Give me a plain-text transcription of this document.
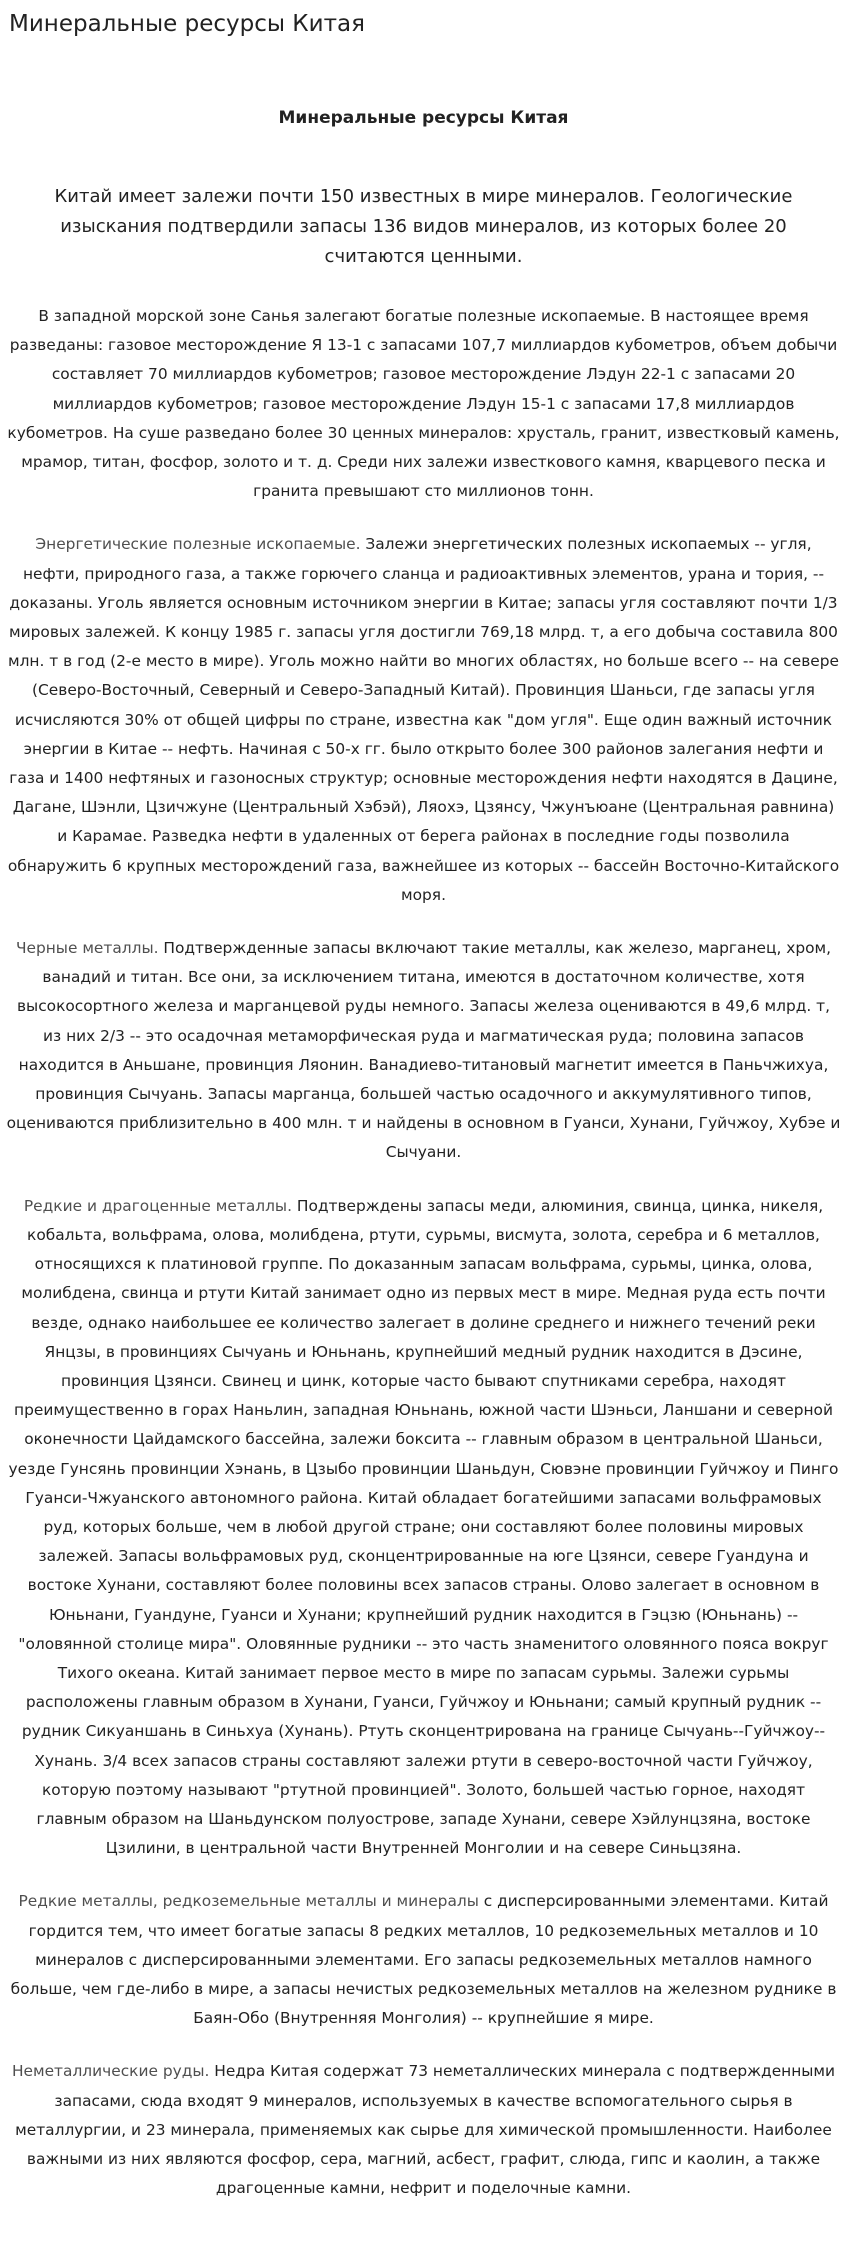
Минеральные ресурсы Китая
Минеральные ресурсы Китая

Китай имеет залежи почти 150 известных в мире минералов. Геологические изыскания подтвердили запасы 136 видов минералов, из которых более 20 считаются ценными.

В западной морской зоне Санья залегают богатые полезные ископаемые. В настоящее время разведаны: газовое месторождение Я 13-1 с запасами 107,7 миллиардов кубометров, объем добычи составляет 70 миллиардов кубометров; газовое месторождение Лэдун 22-1 с запасами 20 миллиардов кубометров; газовое месторождение Лэдун 15-1 с запасами 17,8 миллиардов кубометров. На суше разведано более 30 ценных минералов: хрусталь, гранит, известковый камень, мрамор, титан, фосфор, золото и т. д. Среди них залежи известкового камня, кварцевого песка и гранита превышают сто миллионов тонн.

Энергетические полезные ископаемые. Залежи энергетических полезных ископаемых -- угля, нефти, природного газа, а также горючего сланца и радиоактивных элементов, урана и тория, -- доказаны. Уголь является основным источником энергии в Китае; запасы угля составляют почти 1/3 мировых залежей. К концу 1985 г. запасы угля достигли 769,18 млрд. т, а его добыча составила 800 млн. т в год (2-е место в мире). Уголь можно найти во многих областях, но больше всего -- на севере (Северо-Восточный, Северный и Северо-Западный Китай). Провинция Шаньси, где запасы угля исчисляются 30% от общей цифры по стране, известна как "дом угля". Еще один важный источник энергии в Китае -- нефть. Начиная с 50-х гг. было открыто более 300 районов залегания нефти и газа и 1400 нефтяных и газоносных структур; основные месторождения нефти находятся в Дацине, Дагане, Шэнли, Цзичжуне (Центральный Хэбэй), Ляохэ, Цзянсу, Чжунъюане (Центральная равнина) и Карамае. Разведка нефти в удаленных от берега районах в последние годы позволила обнаружить 6 крупных месторождений газа, важнейшее из которых -- бассейн Восточно-Китайского моря.

Черные металлы. Подтвержденные запасы включают такие металлы, как железо, марганец, хром, ванадий и титан. Все они, за исключением титана, имеются в достаточном количестве, хотя высокосортного железа и марганцевой руды немного. Запасы железа оцениваются в 49,6 млрд. т, из них 2/3 -- это осадочная метаморфическая руда и магматическая руда; половина запасов находится в Аньшане, провинция Ляонин. Ванадиево-титановый магнетит имеется в Паньчжихуа, провинция Сычуань. Запасы марганца, большей частью осадочного и аккумулятивного типов, оцениваются приблизительно в 400 млн. т и найдены в основном в Гуанси, Хунани, Гуйчжоу, Хубэе и Сычуани.

Редкие и драгоценные металлы. Подтверждены запасы меди, алюминия, свинца, цинка, никеля, кобальта, вольфрама, олова, молибдена, ртути, сурьмы, висмута, золота, серебра и 6 металлов, относящихся к платиновой группе. По доказанным запасам вольфрама, сурьмы, цинка, олова, молибдена, свинца и ртути Китай занимает одно из первых мест в мире. Медная руда есть почти везде, однако наибольшее ее количество залегает в долине среднего и нижнего течений реки Янцзы, в провинциях Сычуань и Юньнань, крупнейший медный рудник находится в Дэсине, провинция Цзянси. Свинец и цинк, которые часто бывают спутниками серебра, находят преимущественно в горах Наньлин, западная Юньнань, южной части Шэньси, Ланшани и северной оконечности Цайдамского бассейна, залежи боксита -- главным образом в центральной Шаньси, уезде Гунсянь провинции Хэнань, в Цзыбо провинции Шаньдун, Сювэне провинции Гуйчжоу и Пинго Гуанси-Чжуанского автономного района. Китай обладает богатейшими запасами вольфрамовых руд, которых больше, чем в любой другой стране; они составляют более половины мировых залежей. Запасы вольфрамовых руд, сконцентрированные на юге Цзянси, севере Гуандуна и востоке Хунани, составляют более половины всех запасов страны. Олово залегает в основном в Юньнани, Гуандуне, Гуанси и Хунани; крупнейший рудник находится в Гэцзю (Юньнань) -- "оловянной столице мира". Оловянные рудники -- это часть знаменитого оловянного пояса вокруг Тихого океана. Китай занимает первое место в мире по запасам сурьмы. Залежи сурьмы расположены главным образом в Хунани, Гуанси, Гуйчжоу и Юньнани; самый крупный рудник -- рудник Сикуаншань в Синьхуа (Хунань). Ртуть сконцентрирована на границе Сычуань--Гуйчжоу--Хунань. 3/4 всех запасов страны составляют залежи ртути в северо-восточной части Гуйчжоу, которую поэтому называют "ртутной провинцией". Золото, большей частью горное, находят главным образом на Шаньдунском полуострове, западе Хунани, севере Хэйлунцзяна, востоке Цзилини, в центральной части Внутренней Монголии и на севере Синьцзяна.

Редкие металлы, редкоземельные металлы и минералы с дисперсированными элементами. Китай гордится тем, что имеет богатые запасы 8 редких металлов, 10 редкоземельных металлов и 10 минералов с дисперсированными элементами. Его запасы редкоземельных металлов намного больше, чем где-либо в мире, а запасы нечистых редкоземельных металлов на железном руднике в Баян-Обо (Внутренняя Монголия) -- крупнейшие я мире.

Неметаллические руды. Недра Китая содержат 73 неметаллических минерала с подтвержденными запасами, сюда входят 9 минералов, используемых в качестве вспомогательного сырья в металлургии, и 23 минерала, применяемых как сырье для химической промышленности. Наиболее важными из них являются фосфор, сера, магний, асбест, графит, слюда, гипс и каолин, а также драгоценные камни, нефрит и поделочные камни.
